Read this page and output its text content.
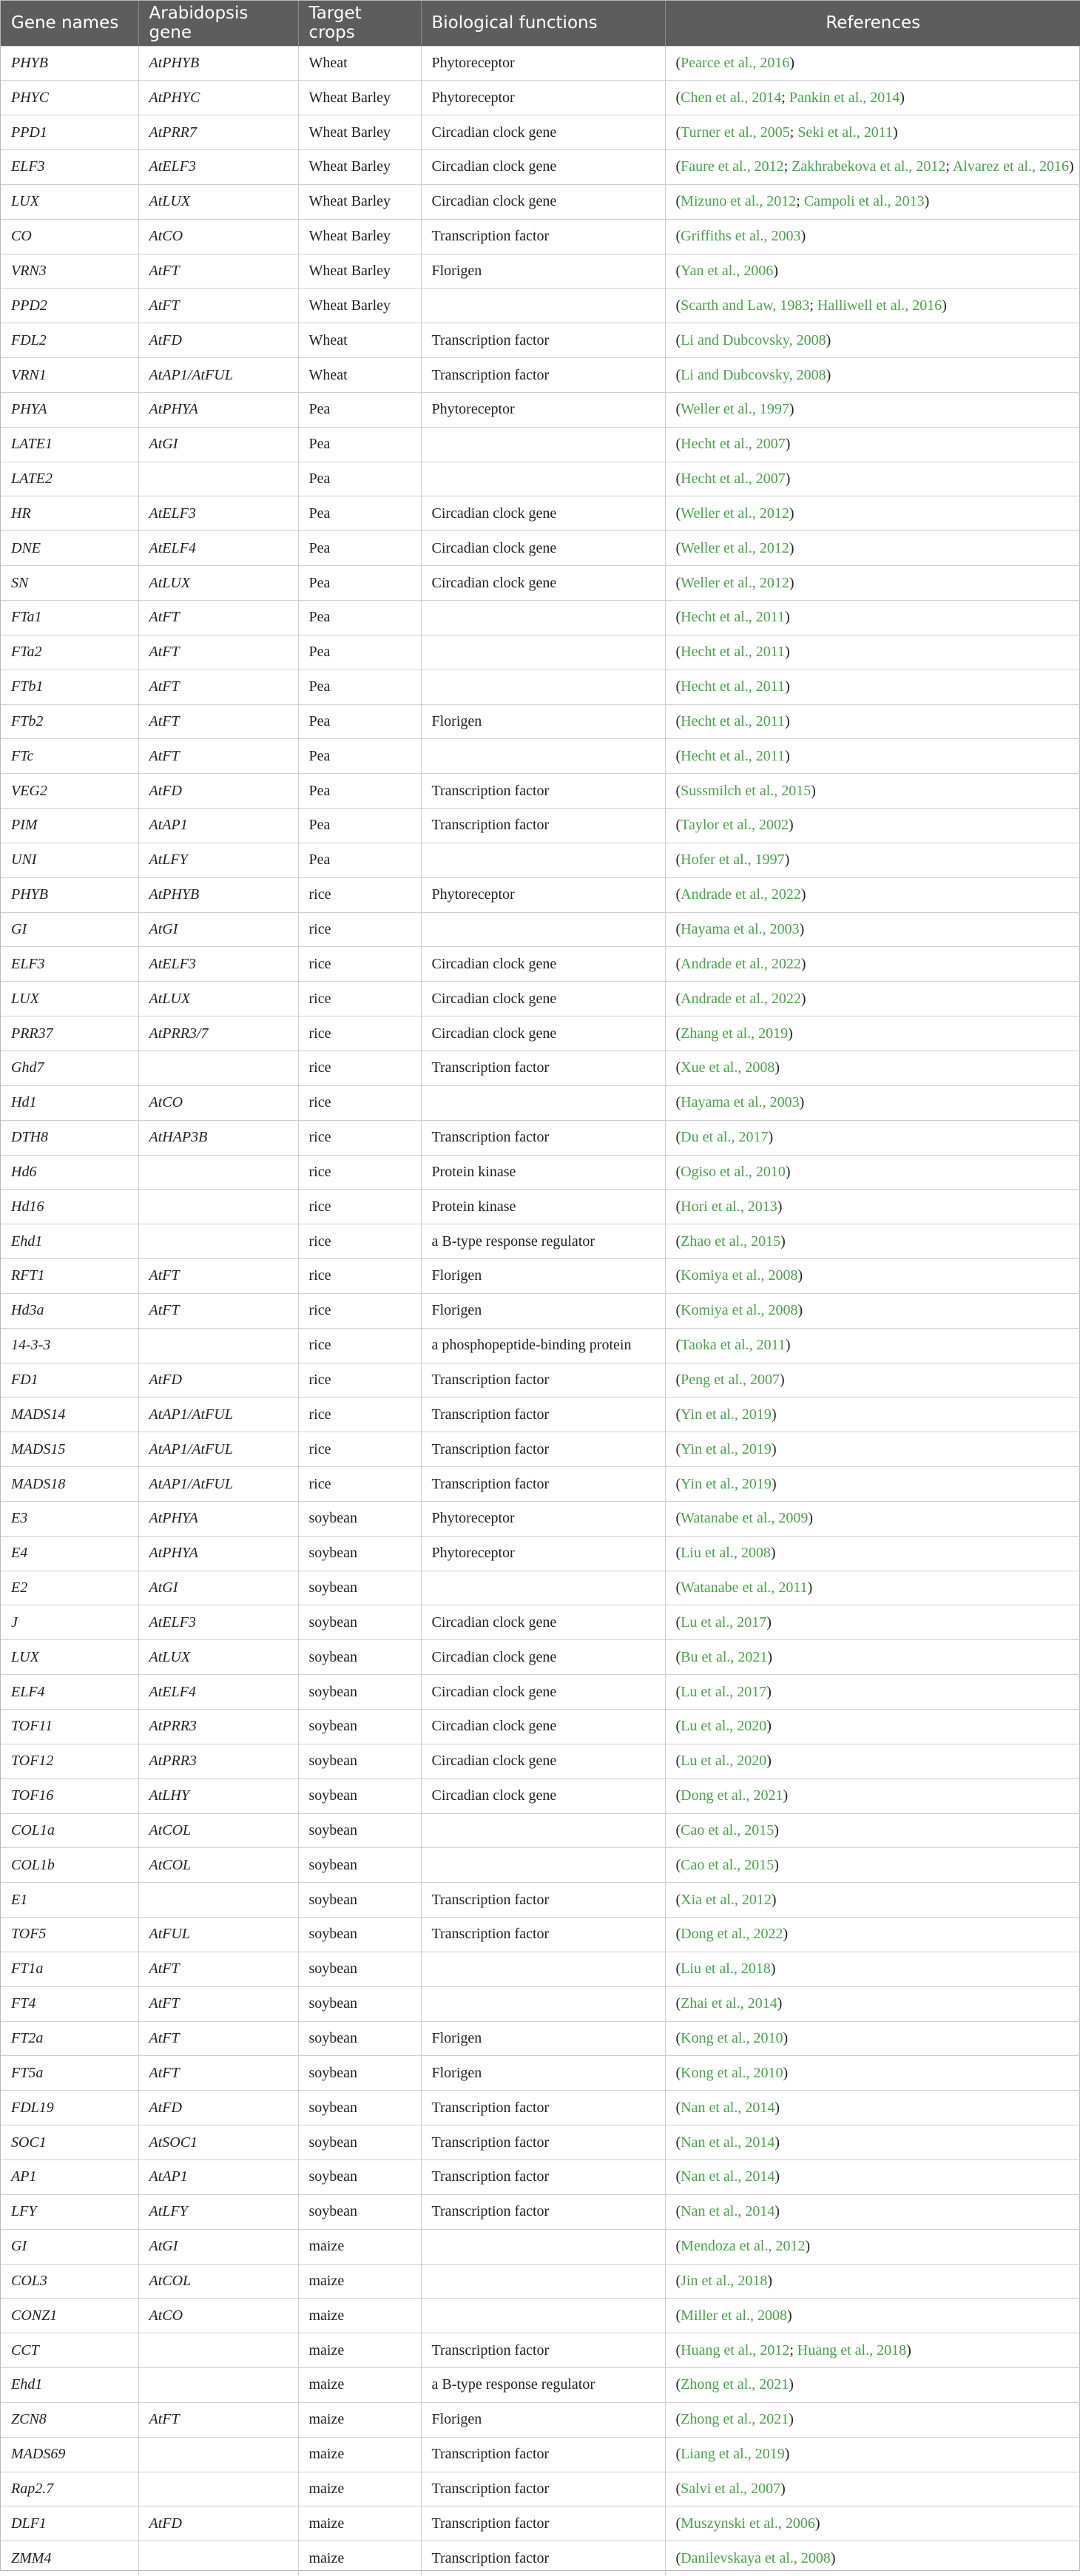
Gene names	Arabidopsis gene	Target crops	Biological functions	References
PHYB	AtPHYB	Wheat	Phytoreceptor	(Pearce et al., 2016)
PHYC	AtPHYC	Wheat Barley	Phytoreceptor	(Chen et al., 2014; Pankin et al., 2014)
PPD1	AtPRR7	Wheat Barley	Circadian clock gene	(Turner et al., 2005; Seki et al., 2011)
ELF3	AtELF3	Wheat Barley	Circadian clock gene	(Faure et al., 2012; Zakhrabekova et al., 2012; Alvarez et al., 2016)
LUX	AtLUX	Wheat Barley	Circadian clock gene	(Mizuno et al., 2012; Campoli et al., 2013)
CO	AtCO	Wheat Barley	Transcription factor	(Griffiths et al., 2003)
VRN3	AtFT	Wheat Barley	Florigen	(Yan et al., 2006)
PPD2	AtFT	Wheat Barley		(Scarth and Law, 1983; Halliwell et al., 2016)
FDL2	AtFD	Wheat	Transcription factor	(Li and Dubcovsky, 2008)
VRN1	AtAP1/AtFUL	Wheat	Transcription factor	(Li and Dubcovsky, 2008)
PHYA	AtPHYA	Pea	Phytoreceptor	(Weller et al., 1997)
LATE1	AtGI	Pea		(Hecht et al., 2007)
LATE2		Pea		(Hecht et al., 2007)
HR	AtELF3	Pea	Circadian clock gene	(Weller et al., 2012)
DNE	AtELF4	Pea	Circadian clock gene	(Weller et al., 2012)
SN	AtLUX	Pea	Circadian clock gene	(Weller et al., 2012)
FTa1	AtFT	Pea		(Hecht et al., 2011)
FTa2	AtFT	Pea		(Hecht et al., 2011)
FTb1	AtFT	Pea		(Hecht et al., 2011)
FTb2	AtFT	Pea	Florigen	(Hecht et al., 2011)
FTc	AtFT	Pea		(Hecht et al., 2011)
VEG2	AtFD	Pea	Transcription factor	(Sussmilch et al., 2015)
PIM	AtAP1	Pea	Transcription factor	(Taylor et al., 2002)
UNI	AtLFY	Pea		(Hofer et al., 1997)
PHYB	AtPHYB	rice	Phytoreceptor	(Andrade et al., 2022)
GI	AtGI	rice		(Hayama et al., 2003)
ELF3	AtELF3	rice	Circadian clock gene	(Andrade et al., 2022)
LUX	AtLUX	rice	Circadian clock gene	(Andrade et al., 2022)
PRR37	AtPRR3/7	rice	Circadian clock gene	(Zhang et al., 2019)
Ghd7		rice	Transcription factor	(Xue et al., 2008)
Hd1	AtCO	rice		(Hayama et al., 2003)
DTH8	AtHAP3B	rice	Transcription factor	(Du et al., 2017)
Hd6		rice	Protein kinase	(Ogiso et al., 2010)
Hd16		rice	Protein kinase	(Hori et al., 2013)
Ehd1		rice	a B-type response regulator	(Zhao et al., 2015)
RFT1	AtFT	rice	Florigen	(Komiya et al., 2008)
Hd3a	AtFT	rice	Florigen	(Komiya et al., 2008)
14-3-3		rice	a phosphopeptide-binding protein	(Taoka et al., 2011)
FD1	AtFD	rice	Transcription factor	(Peng et al., 2007)
MADS14	AtAP1/AtFUL	rice	Transcription factor	(Yin et al., 2019)
MADS15	AtAP1/AtFUL	rice	Transcription factor	(Yin et al., 2019)
MADS18	AtAP1/AtFUL	rice	Transcription factor	(Yin et al., 2019)
E3	AtPHYA	soybean	Phytoreceptor	(Watanabe et al., 2009)
E4	AtPHYA	soybean	Phytoreceptor	(Liu et al., 2008)
E2	AtGI	soybean		(Watanabe et al., 2011)
J	AtELF3	soybean	Circadian clock gene	(Lu et al., 2017)
LUX	AtLUX	soybean	Circadian clock gene	(Bu et al., 2021)
ELF4	AtELF4	soybean	Circadian clock gene	(Lu et al., 2017)
TOF11	AtPRR3	soybean	Circadian clock gene	(Lu et al., 2020)
TOF12	AtPRR3	soybean	Circadian clock gene	(Lu et al., 2020)
TOF16	AtLHY	soybean	Circadian clock gene	(Dong et al., 2021)
COL1a	AtCOL	soybean		(Cao et al., 2015)
COL1b	AtCOL	soybean		(Cao et al., 2015)
E1		soybean	Transcription factor	(Xia et al., 2012)
TOF5	AtFUL	soybean	Transcription factor	(Dong et al., 2022)
FT1a	AtFT	soybean		(Liu et al., 2018)
FT4	AtFT	soybean		(Zhai et al., 2014)
FT2a	AtFT	soybean	Florigen	(Kong et al., 2010)
FT5a	AtFT	soybean	Florigen	(Kong et al., 2010)
FDL19	AtFD	soybean	Transcription factor	(Nan et al., 2014)
SOC1	AtSOC1	soybean	Transcription factor	(Nan et al., 2014)
AP1	AtAP1	soybean	Transcription factor	(Nan et al., 2014)
LFY	AtLFY	soybean	Transcription factor	(Nan et al., 2014)
GI	AtGI	maize		(Mendoza et al., 2012)
COL3	AtCOL	maize		(Jin et al., 2018)
CONZ1	AtCO	maize		(Miller et al., 2008)
CCT		maize	Transcription factor	(Huang et al., 2012; Huang et al., 2018)
Ehd1		maize	a B-type response regulator	(Zhong et al., 2021)
ZCN8	AtFT	maize	Florigen	(Zhong et al., 2021)
MADS69		maize	Transcription factor	(Liang et al., 2019)
Rap2.7		maize	Transcription factor	(Salvi et al., 2007)
DLF1	AtFD	maize	Transcription factor	(Muszynski et al., 2006)
ZMM4		maize	Transcription factor	(Danilevskaya et al., 2008)
